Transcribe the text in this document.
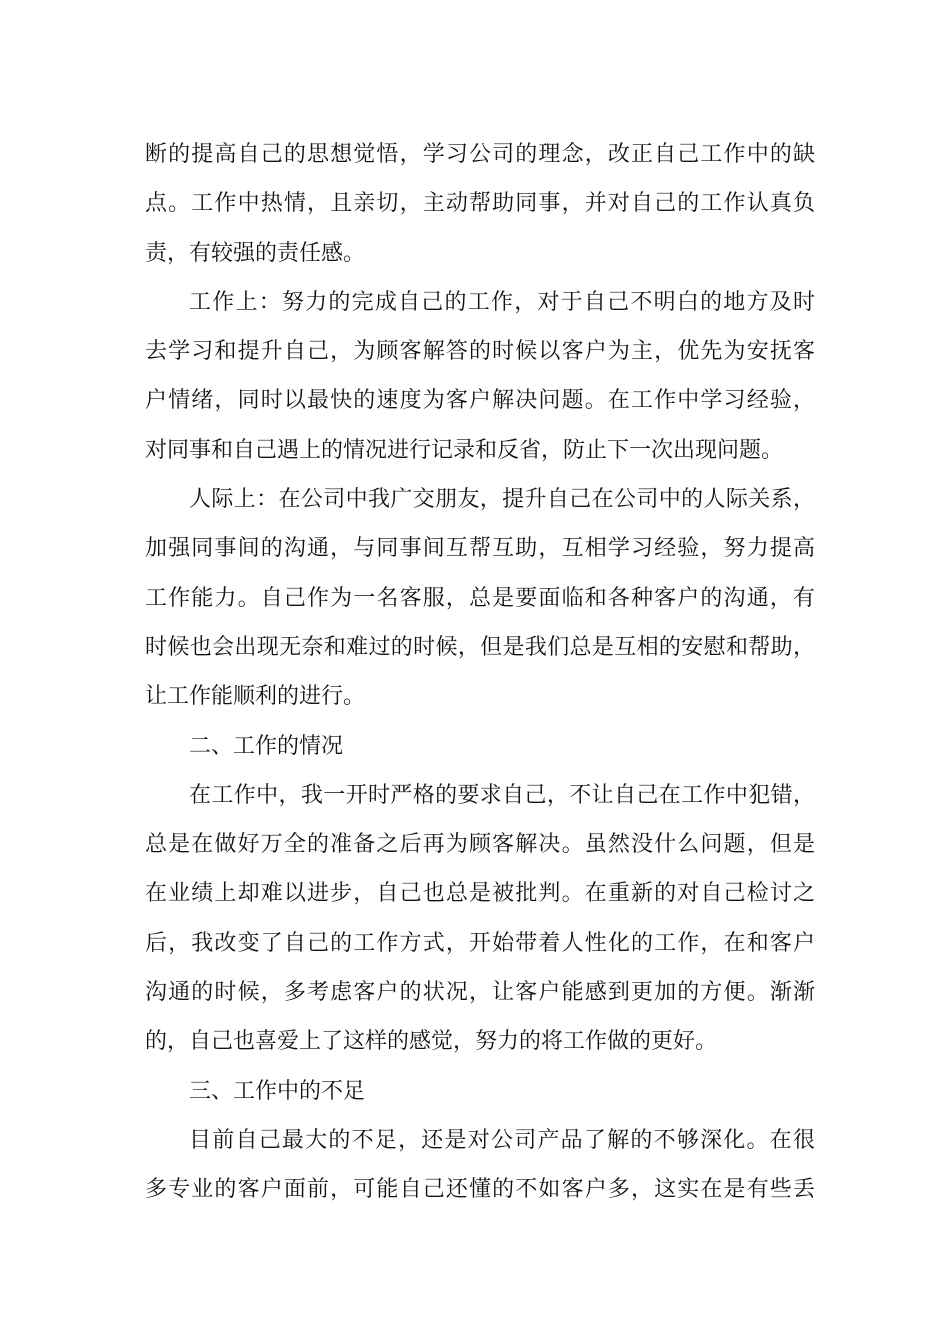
断的提高自己的思想觉悟，学习公司的理念，改正自己工作中的缺
点。工作中热情，且亲切，主动帮助同事，并对自己的工作认真负
责，有较强的责任感。
工作上：努力的完成自己的工作，对于自己不明白的地方及时
去学习和提升自己，为顾客解答的时候以客户为主，优先为安抚客
户情绪，同时以最快的速度为客户解决问题。在工作中学习经验，
对同事和自己遇上的情况进行记录和反省，防止下一次出现问题。
人际上：在公司中我广交朋友，提升自己在公司中的人际关系，
加强同事间的沟通，与同事间互帮互助，互相学习经验，努力提高
工作能力。自己作为一名客服，总是要面临和各种客户的沟通，有
时候也会出现无奈和难过的时候，但是我们总是互相的安慰和帮助，
让工作能顺利的进行。
二、工作的情况
在工作中，我一开时严格的要求自己，不让自己在工作中犯错，
总是在做好万全的准备之后再为顾客解决。虽然没什么问题，但是
在业绩上却难以进步，自己也总是被批判。在重新的对自己检讨之
后，我改变了自己的工作方式，开始带着人性化的工作，在和客户
沟通的时候，多考虑客户的状况，让客户能感到更加的方便。渐渐
的，自己也喜爱上了这样的感觉，努力的将工作做的更好。
三、工作中的不足
目前自己最大的不足，还是对公司产品了解的不够深化。在很
多专业的客户面前，可能自己还懂的不如客户多，这实在是有些丢
